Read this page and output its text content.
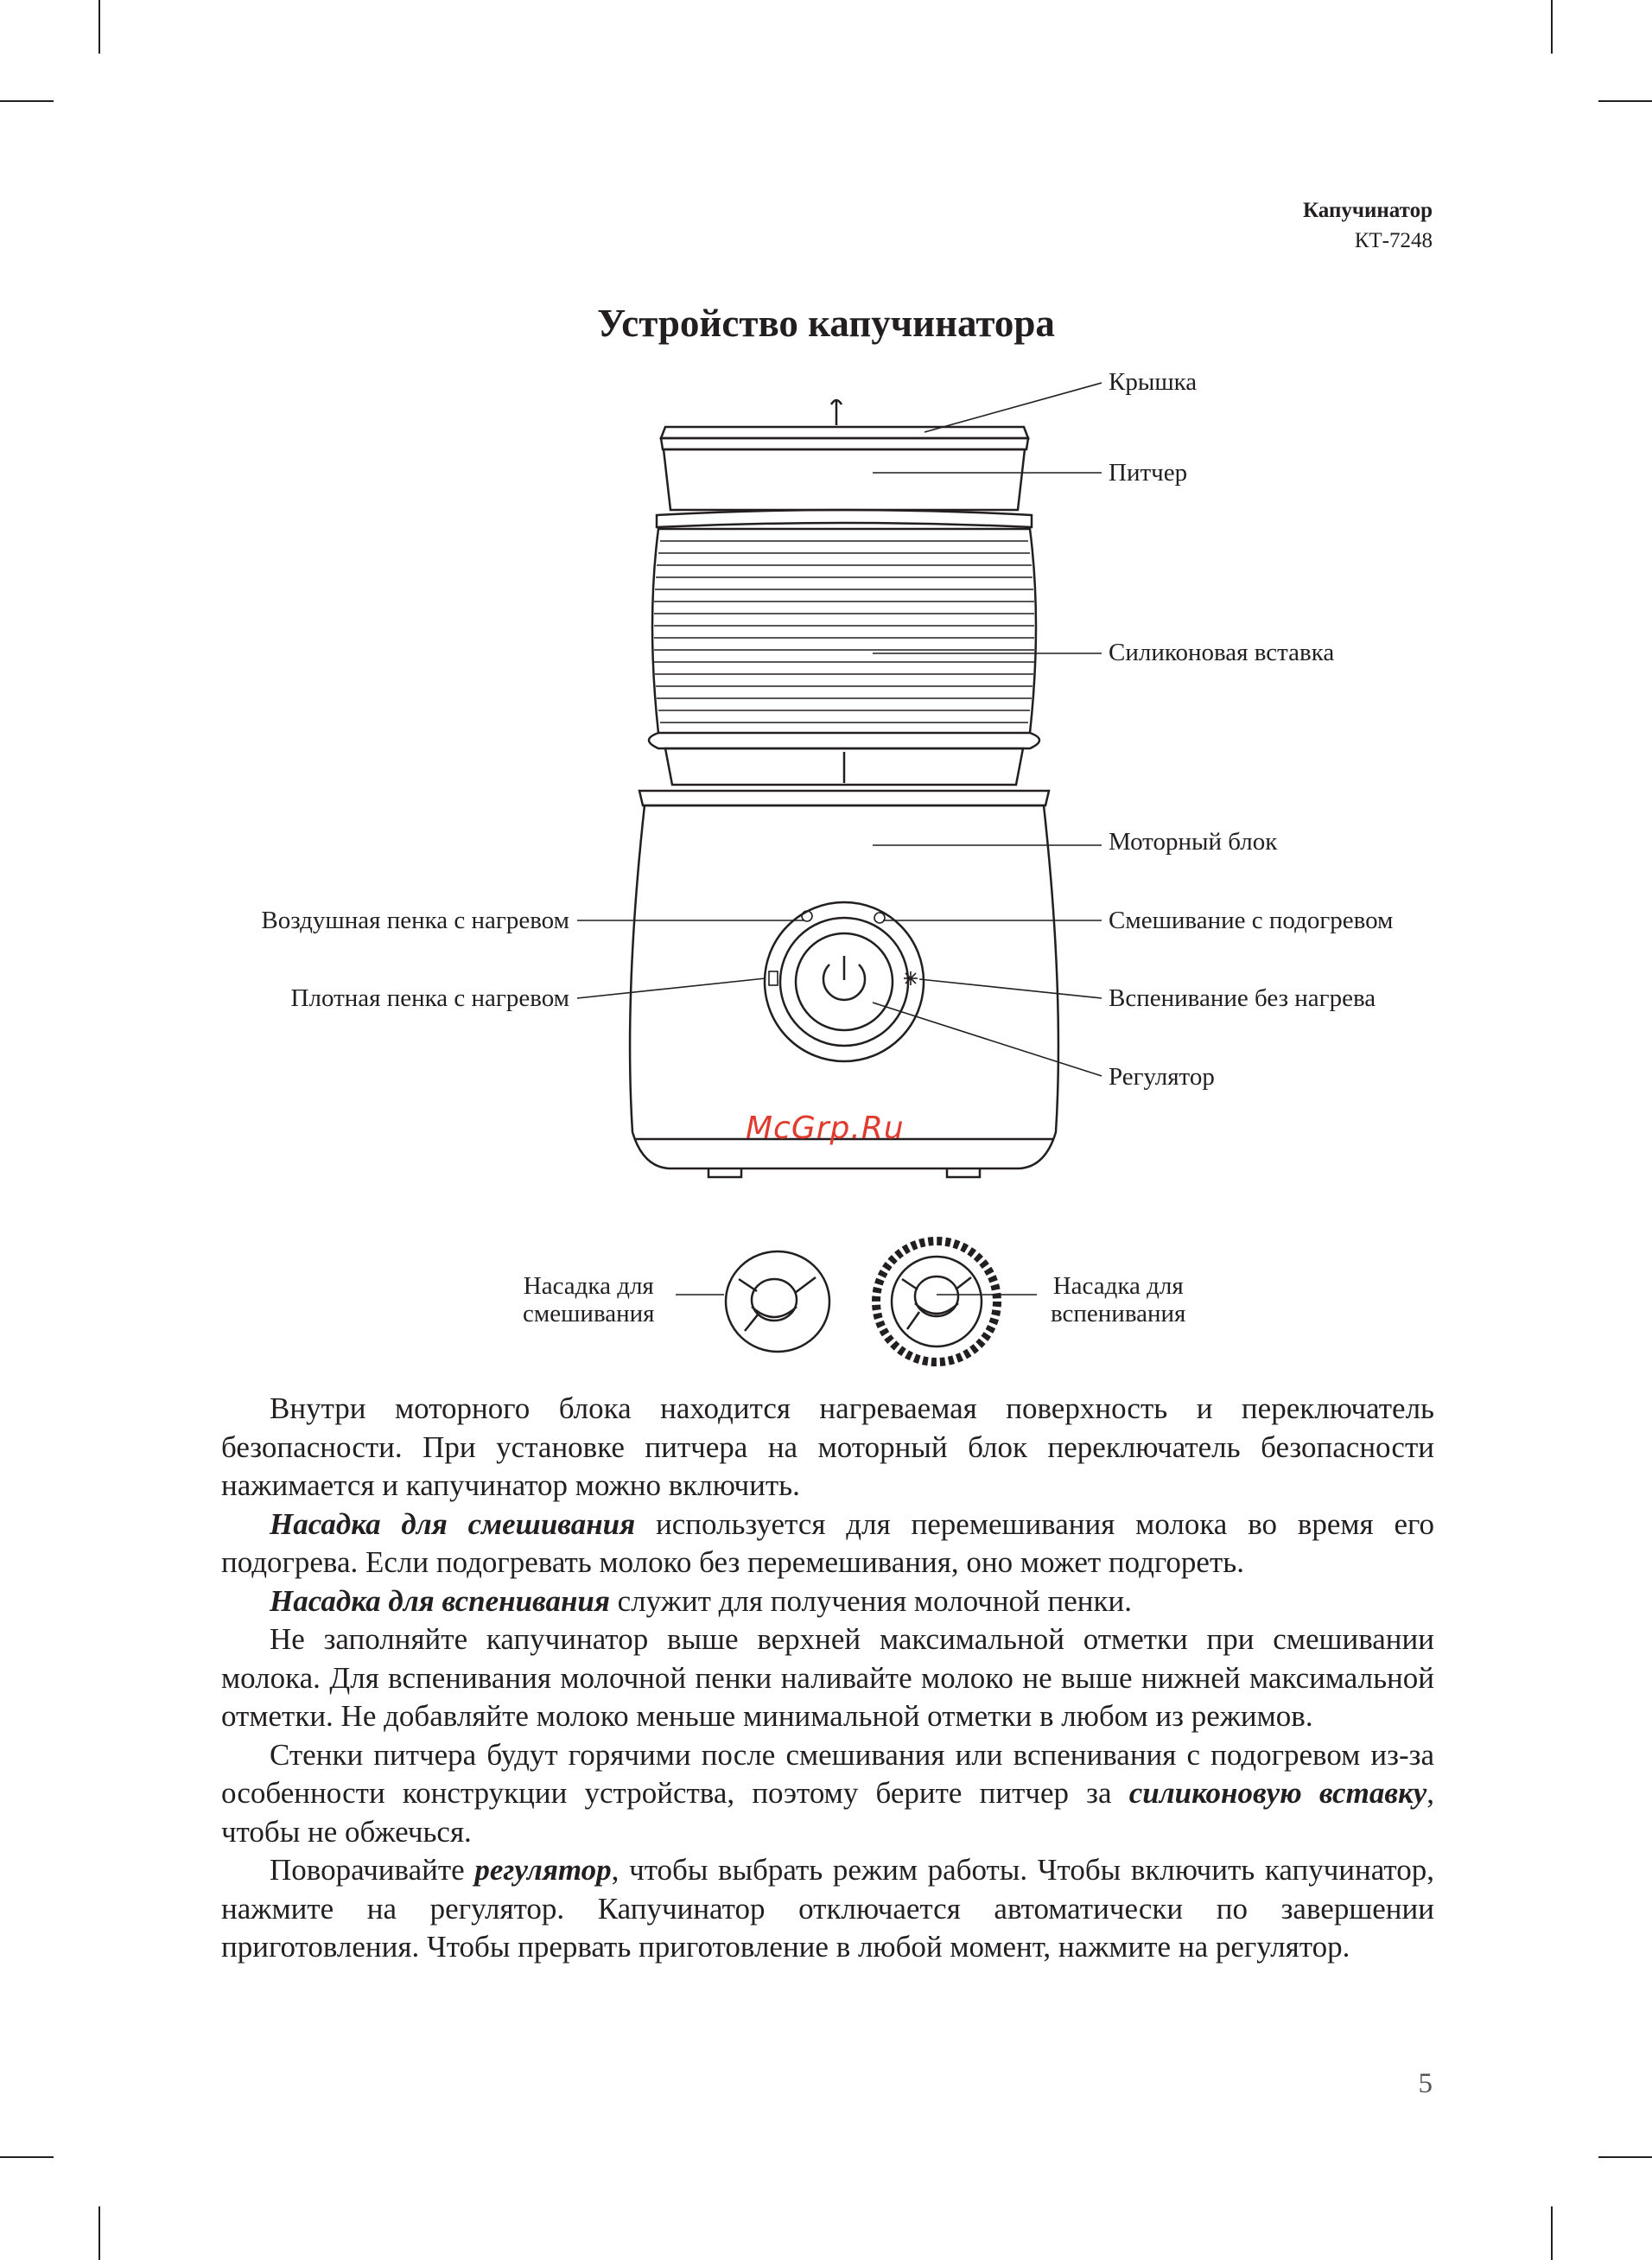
Капучинатор
КТ-7248
Устройство капучинатора
Крышка
Питчер
Силиконовая вставка
Моторный блок
Воздушная пенка с нагревом	Смешивание с подогревом
Плотная пенка с нагревом	Вспенивание без нагрева
Регулятор
Насадка для
смешивания
Насадка для
вспенивания
McGrp.Ru

Внутри моторного блока находится нагреваемая поверхность и переключатель безопасности. При установке питчера на моторный блок переключатель безопасности нажимается и капучинатор можно включить.

Насадка для смешивания используется для перемешивания молока во время его подогрева. Если подогревать молоко без перемешивания, оно может подгореть.

Насадка для вспенивания служит для получения молочной пенки.

Не заполняйте капучинатор выше верхней максимальной отметки при смешивании молока. Для вспенивания молочной пенки наливайте молоко не выше нижней максимальной отметки. Не добавляйте молоко меньше минимальной отметки в любом из режимов.

Стенки питчера будут горячими после смешивания или вспенивания с подогревом из-за особенности конструкции устройства, поэтому берите питчер за силиконовую вставку, чтобы не обжечься.

Поворачивайте регулятор, чтобы выбрать режим работы. Чтобы включить капучинатор, нажмите на регулятор. Капучинатор отключается автоматически по завершении приготовления. Чтобы прервать приготовление в любой момент, нажмите на регулятор.

5
